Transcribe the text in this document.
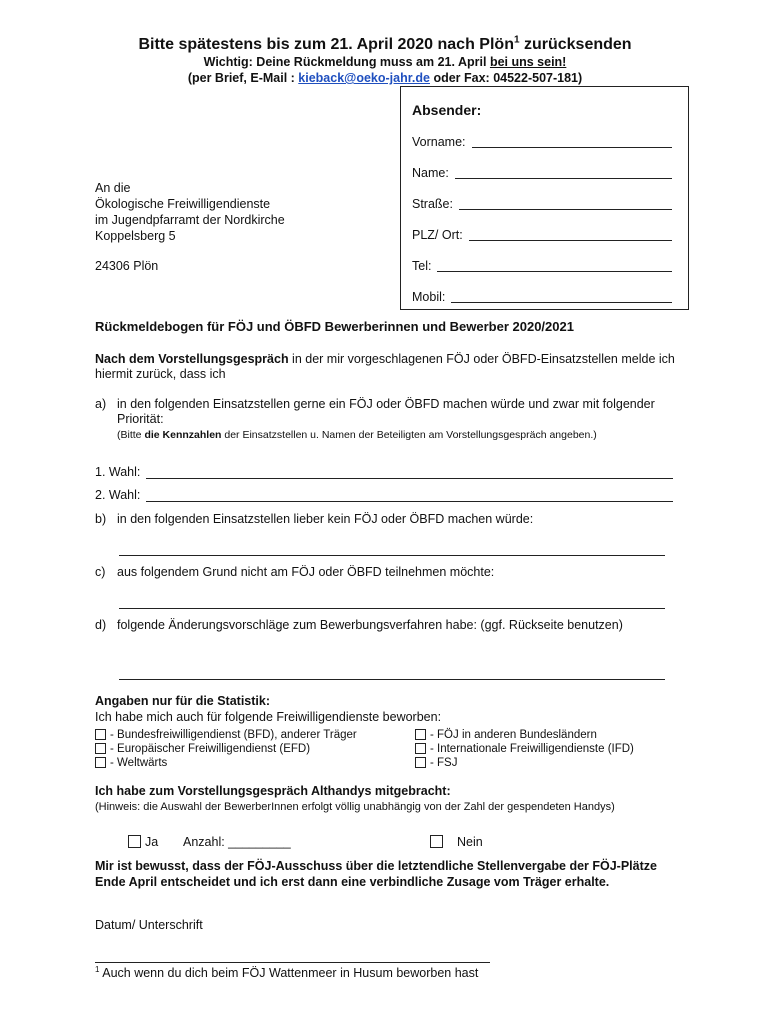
Bitte spätestens bis zum 21. April 2020 nach Plön$^1$ zurücksenden
Wichtig: Deine Rückmeldung muss am 21. April bei uns sein!
(per Brief, E-Mail : kieback@oeko-jahr.de oder Fax: 04522-507-181)
Absender:
Vorname:
Name:
Straße:
PLZ/ Ort:
Tel:
Mobil:
An die
Ökologische Freiwilligendienste
im Jugendpfarramt der Nordkirche
Koppelsberg 5
24306 Plön
Rückmeldebogen für FÖJ und ÖBFD Bewerberinnen und Bewerber 2020/2021
Nach dem Vorstellungsgespräch in der mir vorgeschlagenen FÖJ oder ÖBFD-Einsatzstellen melde ich hiermit zurück, dass ich
a) in den folgenden Einsatzstellen gerne ein FÖJ oder ÖBFD machen würde und zwar mit folgender Priorität:
(Bitte die Kennzahlen der Einsatzstellen u. Namen der Beteiligten am Vorstellungsgespräch angeben.)
1. Wahl:
2. Wahl:
b) in den folgenden Einsatzstellen lieber kein FÖJ oder ÖBFD machen würde:
c) aus folgendem Grund nicht am FÖJ oder ÖBFD teilnehmen möchte:
d) folgende Änderungsvorschläge zum Bewerbungsverfahren habe: (ggf. Rückseite benutzen)
Angaben nur für die Statistik:
Ich habe mich auch für folgende Freiwilligendienste beworben:
- Bundesfreiwilligendienst (BFD), anderer Träger
- Europäischer Freiwilligendienst (EFD)
- Weltwärts
- FÖJ in anderen Bundesländern
- Internationale Freiwilligendienste (IFD)
- FSJ
Ich habe zum Vorstellungsgespräch Althandys mitgebracht:
(Hinweis: die Auswahl der BewerberInnen erfolgt völlig unabhängig von der Zahl der gespendeten Handys)
Ja Anzahl: _________	Nein
Mir ist bewusst, dass der FÖJ-Ausschuss über die letztendliche Stellenvergabe der FÖJ-Plätze Ende April entscheidet und ich erst dann eine verbindliche Zusage vom Träger erhalte.
Datum/ Unterschrift
$^1$ Auch wenn du dich beim FÖJ Wattenmeer in Husum beworben hast
